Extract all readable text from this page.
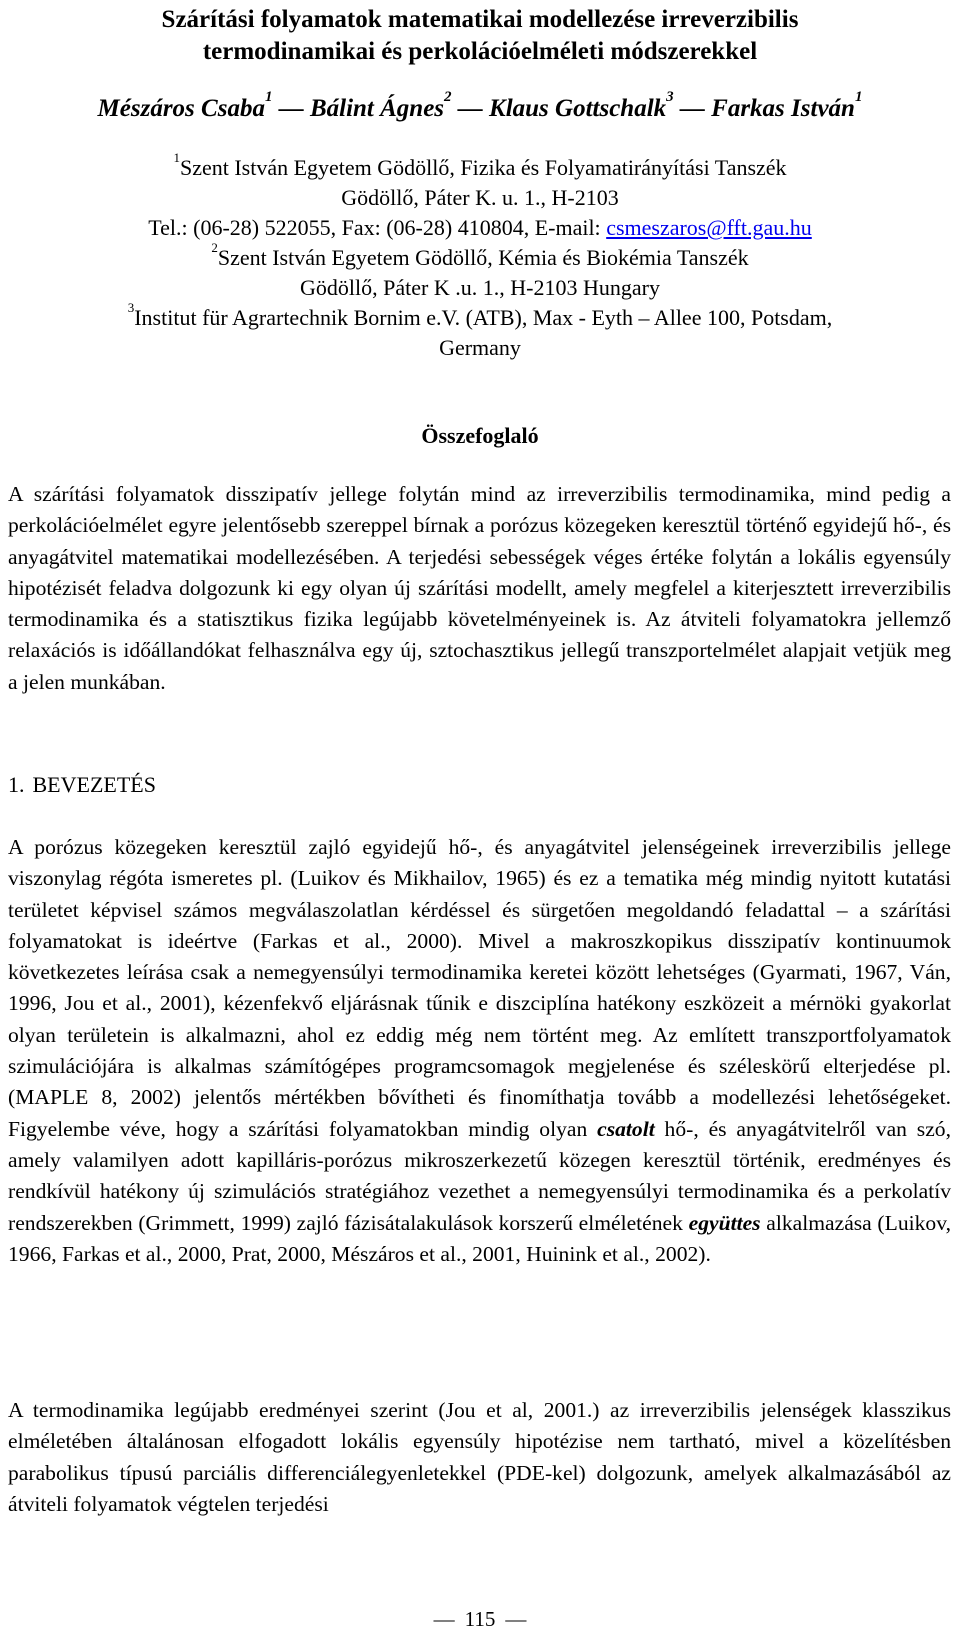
Szárítási folyamatok matematikai modellezése irreverzibilis
termodinamikai és perkolációelméleti módszerekkel
Mészáros Csaba$^1$ — Bálint Ágnes$^2$ — Klaus Gottschalk$^3$ — Farkas István$^1$
$^1$Szent István Egyetem Gödöllő, Fizika és Folyamatirányítási Tanszék
Gödöllő, Páter K. u. 1., H-2103
Tel.: (06-28) 522055, Fax: (06-28) 410804, E-mail: csmeszaros@fft.gau.hu
$^2$Szent István Egyetem Gödöllő, Kémia és Biokémia Tanszék
Gödöllő, Páter K .u. 1., H-2103 Hungary
$^3$Institut für Agrartechnik Bornim e.V. (ATB), Max - Eyth – Allee 100, Potsdam,
Germany
Összefoglaló

A szárítási folyamatok disszipatív jellege folytán mind az irreverzibilis termodinamika, mind pedig a perkolációelmélet egyre jelentősebb szereppel bírnak a porózus közegeken keresztül történő egyidejű hő-, és anyagátvitel matematikai modellezésében. A terjedési sebességek véges értéke folytán a lokális egyensúly hipotézisét feladva dolgozunk ki egy olyan új szárítási modellt, amely megfelel a kiterjesztett irreverzibilis termodinamika és a statisztikus fizika legújabb követelményeinek is. Az átviteli folyamatokra jellemző relaxációs is időállandókat felhasználva egy új, sztochasztikus jellegű transzportelmélet alapjait vetjük meg a jelen munkában.

1. BEVEZETÉS

A porózus közegeken keresztül zajló egyidejű hő-, és anyagátvitel jelenségeinek irreverzibilis jellege viszonylag régóta ismeretes pl. (Luikov és Mikhailov, 1965) és ez a tematika még mindig nyitott kutatási területet képvisel számos megválaszolatlan kérdéssel és sürgetően megoldandó feladattal – a szárítási folyamatokat is ideértve (Farkas et al., 2000). Mivel a makroszkopikus disszipatív kontinuumok következetes leírása csak a nemegyensúlyi termodinamika keretei között lehetséges (Gyarmati, 1967, Ván, 1996, Jou et al., 2001), kézenfekvő eljárásnak tűnik e diszciplína hatékony eszközeit a mérnöki gyakorlat olyan területein is alkalmazni, ahol ez eddig még nem történt meg. Az említett transzportfolyamatok szimulációjára is alkalmas számítógépes programcsomagok megjelenése és széleskörű elterjedése pl. (MAPLE 8, 2002) jelentős mértékben bővítheti és finomíthatja tovább a modellezési lehetőségeket. Figyelembe véve, hogy a szárítási folyamatokban mindig olyan csatolt hő-, és anyagátvitelről van szó, amely valamilyen adott kapilláris-porózus mikroszerkezetű közegen keresztül történik, eredményes és rendkívül hatékony új szimulációs stratégiához vezethet a nemegyensúlyi termodinamika és a perkolatív rendszerekben (Grimmett, 1999) zajló fázisátalakulások korszerű elméletének együttes alkalmazása (Luikov, 1966, Farkas et al., 2000, Prat, 2000, Mészáros et al., 2001, Huinink et al., 2002).

A termodinamika legújabb eredményei szerint (Jou et al, 2001.) az irreverzibilis jelenségek klasszikus elméletében általánosan elfogadott lokális egyensúly hipotézise nem tartható, mivel a közelítésben parabolikus típusú parciális differenciálegyenletekkel (PDE-kel) dolgozunk, amelyek alkalmazásából az átviteli folyamatok végtelen terjedési

— 115 —
